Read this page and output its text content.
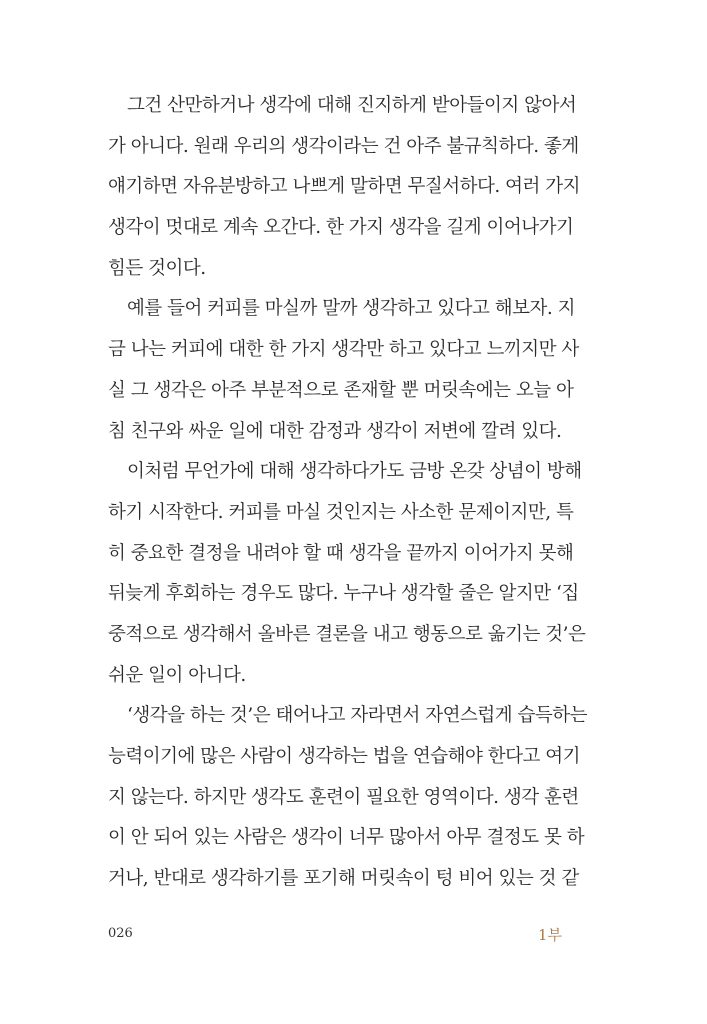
그건 산만하거나 생각에 대해 진지하게 받아들이지 않아서
가 아니다. 원래 우리의 생각이라는 건 아주 불규칙하다. 좋게
얘기하면 자유분방하고 나쁘게 말하면 무질서하다. 여러 가지
생각이 멋대로 계속 오간다. 한 가지 생각을 길게 이어나가기
힘든 것이다.
예를 들어 커피를 마실까 말까 생각하고 있다고 해보자. 지
금 나는 커피에 대한 한 가지 생각만 하고 있다고 느끼지만 사
실 그 생각은 아주 부분적으로 존재할 뿐 머릿속에는 오늘 아
침 친구와 싸운 일에 대한 감정과 생각이 저변에 깔려 있다.
이처럼 무언가에 대해 생각하다가도 금방 온갖 상념이 방해
하기 시작한다. 커피를 마실 것인지는 사소한 문제이지만, 특
히 중요한 결정을 내려야 할 때 생각을 끝까지 이어가지 못해
뒤늦게 후회하는 경우도 많다. 누구나 생각할 줄은 알지만 ‘집
중적으로 생각해서 올바른 결론을 내고 행동으로 옮기는 것’은
쉬운 일이 아니다.
‘생각을 하는 것’은 태어나고 자라면서 자연스럽게 습득하는
능력이기에 많은 사람이 생각하는 법을 연습해야 한다고 여기
지 않는다. 하지만 생각도 훈련이 필요한 영역이다. 생각 훈련
이 안 되어 있는 사람은 생각이 너무 많아서 아무 결정도 못 하
거나, 반대로 생각하기를 포기해 머릿속이 텅 비어 있는 것 같
026	1부
